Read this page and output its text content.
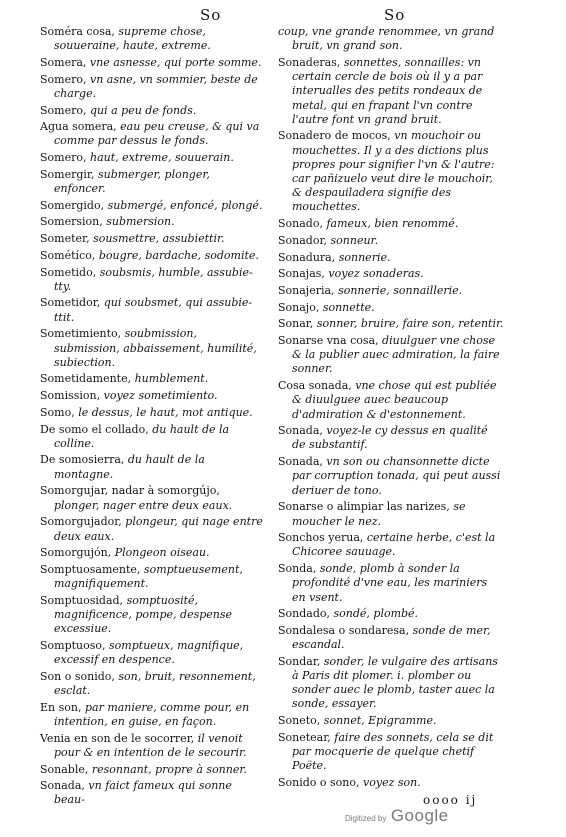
So	So
Soméra cosa, supreme chose, souueraine, haute, extreme.
Somera, vne asnesse, qui porte somme.
Somero, vn asne, vn sommier, beste de charge.
Somero, qui a peu de fonds.
Agua somera, eau peu creuse, & qui va comme par dessus le fonds.
Somero, haut, extreme, souuerain.
Somergir, submerger, plonger, enfoncer.
Somergido, submergé, enfoncé, plongé.
Somersion, submersion.
Someter, sousmettre, assubiettir.
Sométíco, bougre, bardache, sodomite.
Sometido, soubsmis, humble, assubie-tty.
Sometidor, qui soubsmet, qui assubie-ttit.
Sometimiento, soubmission, submission, abbaissement, humilité, subiection.
Sometidamente, humblement.
Somission, voyez sometimiento.
Somo, le dessus, le haut, mot antique.
De somo el collado, du hault de la colline.
De somosierra, du hault de la montagne.
Somorgujar, nadar à somorgújo, plonger, nager entre deux eaux.
Somorgujador, plongeur, qui nage entre deux eaux.
Somorgujón, Plongeon oiseau.
Somptuosamente, somptueusement, magnifiquement.
Somptuosidad, somptuosité, magnificence, pompe, despense excessiue.
Somptuoso, somptueux, magnifique, excessif en despence.
Son o sonido, son, bruit, resonnement, esclat.
En son, par maniere, comme pour, en intention, en guise, en façon.
Venia en son de le socorrer, il venoit pour & en intention de le secourir.
Sonable, resonnant, propre à sonner.
Sonada, vn faict fameux qui sonne beau-
coup, vne grande renommee, vn grand bruit, vn grand son.
Sonaderas, sonnettes, sonnailles: vn certain cercle de bois où il y a par interualles des petits rondeaux de metal, qui en frapant l'vn contre l'autre font vn grand bruit.
Sonadero de mocos, vn mouchoir ou mouchettes. Il y a des dictions plus propres pour signifier l'vn & l'autre: car pañizuelo veut dire le mouchoir, & despauiladera signifie des mouchettes.
Sonado, fameux, bien renommé.
Sonador, sonneur.
Sonadura, sonnerie.
Sonajas, voyez sonaderas.
Sonajeria, sonnerie, sonnaillerie.
Sonajo, sonnette.
Sonar, sonner, bruire, faire son, retentir.
Sonarse vna cosa, diuulguer vne chose & la publier auec admiration, la faire sonner.
Cosa sonada, vne chose qui est publiée & diuulguee auec beaucoup d'admiration & d'estonnement.
Sonada, voyez-le cy dessus en qualité de substantif.
Sonada, vn son ou chansonnette dicte par corruption tonada, qui peut aussi deriuer de tono.
Sonarse o alimpiar las narizes, se moucher le nez.
Sonchos yerua, certaine herbe, c'est la Chicoree sauuage.
Sonda, sonde, plomb à sonder la profondité d'vne eau, les mariniers en vsent.
Sondado, sondé, plombé.
Sondalesa o sondaresa, sonde de mer, escandal.
Sondar, sonder, le vulgaire des artisans à Paris dit plomer. i. plomber ou sonder auec le plomb, taster auec la sonde, essayer.
Soneto, sonnet, Epigramme.
Sonetear, faire des sonnets, cela se dit par mocquerie de quelque chetif Poëte.
Sonido o sono, voyez son.
oooo ij
Digitized by Google
